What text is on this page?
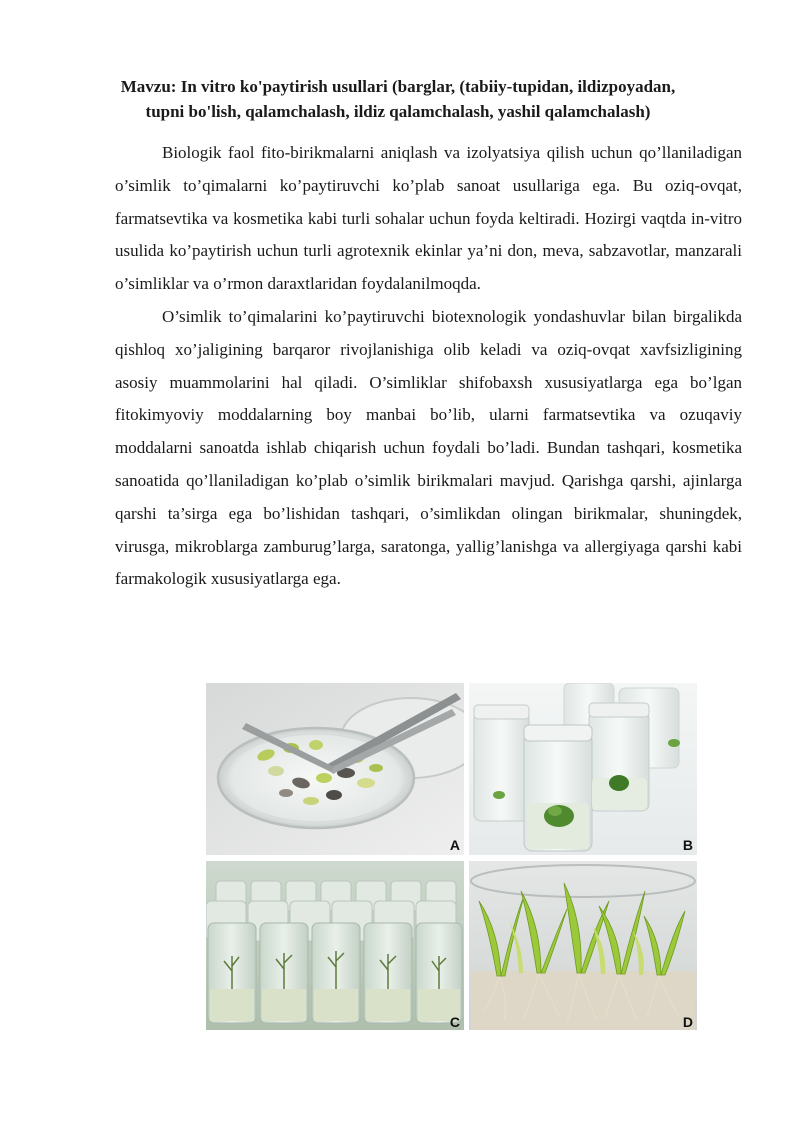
Mavzu: In vitro ko'paytirish usullari (barglar, (tabiiy-tupidan, ildizpoyadan, tupni bo'lish, qalamchalash, ildiz qalamchalash, yashil qalamchalash)

Biologik faol fito-birikmalarni aniqlash va izolyatsiya qilish uchun qo’llaniladigan o’simlik to’qimalarni ko’paytiruvchi ko’plab sanoat usullariga ega. Bu oziq-ovqat, farmatsevtika va kosmetika kabi turli sohalar uchun foyda keltiradi. Hozirgi vaqtda in-vitro usulida ko’paytirish uchun turli agrotexnik ekinlar ya’ni don, meva, sabzavotlar, manzarali o’simliklar va o’rmon daraxtlaridan foydalanilmoqda.

O’simlik to’qimalarini ko’paytiruvchi biotexnologik yondashuvlar bilan birgalikda qishloq xo’jaligining barqaror rivojlanishiga olib keladi va oziq-ovqat xavfsizligining asosiy muammolarini hal qiladi. O’simliklar shifobaxsh xususiyatlarga ega bo’lgan fitokimyoviy moddalarning boy manbai bo’lib, ularni farmatsevtika va ozuqaviy moddalarni sanoatda ishlab chiqarish uchun foydali bo’ladi. Bundan tashqari, kosmetika sanoatida qo’llaniladigan ko’plab o’simlik birikmalari mavjud. Qarishga qarshi, ajinlarga qarshi ta’sirga ega bo’lishidan tashqari, o’simlikdan olingan birikmalar, shuningdek, virusga, mikroblarga zamburug’larga, saratonga, yallig’lanishga va allergiyaga qarshi kabi farmakologik xususiyatlarga ega.

A	B
C	D
